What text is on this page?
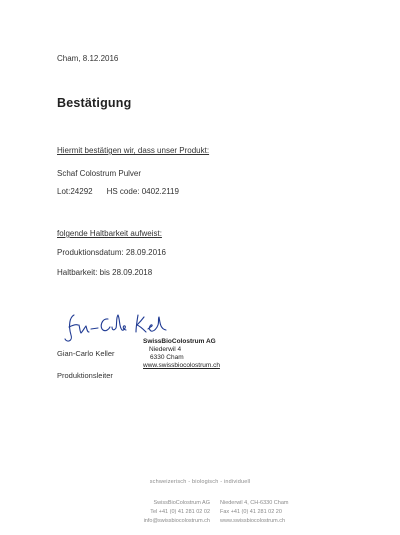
Cham, 8.12.2016
Bestätigung
Hiermit bestätigen wir, dass unser Produkt:
Schaf Colostrum Pulver
Lot:24292 HS code: 0402.2119
folgende Haltbarkeit aufweist:
Produktionsdatum: 28.09.2016
Haltbarkeit: bis 28.09.2018
Gian-Carlo Keller
Produktionsleiter
SwissBioColostrum AG
Niederwil 4
6330 Cham
www.swissbiocolostrum.ch
schweizerisch - biologisch - individuell
SwissBioColostrum AG Niederwil 4, CH-6330 Cham
Tel +41 (0) 41 281 02 02 Fax +41 (0) 41 281 02 20
info@swissbiocolostrum.ch www.swissbiocolostrum.ch
